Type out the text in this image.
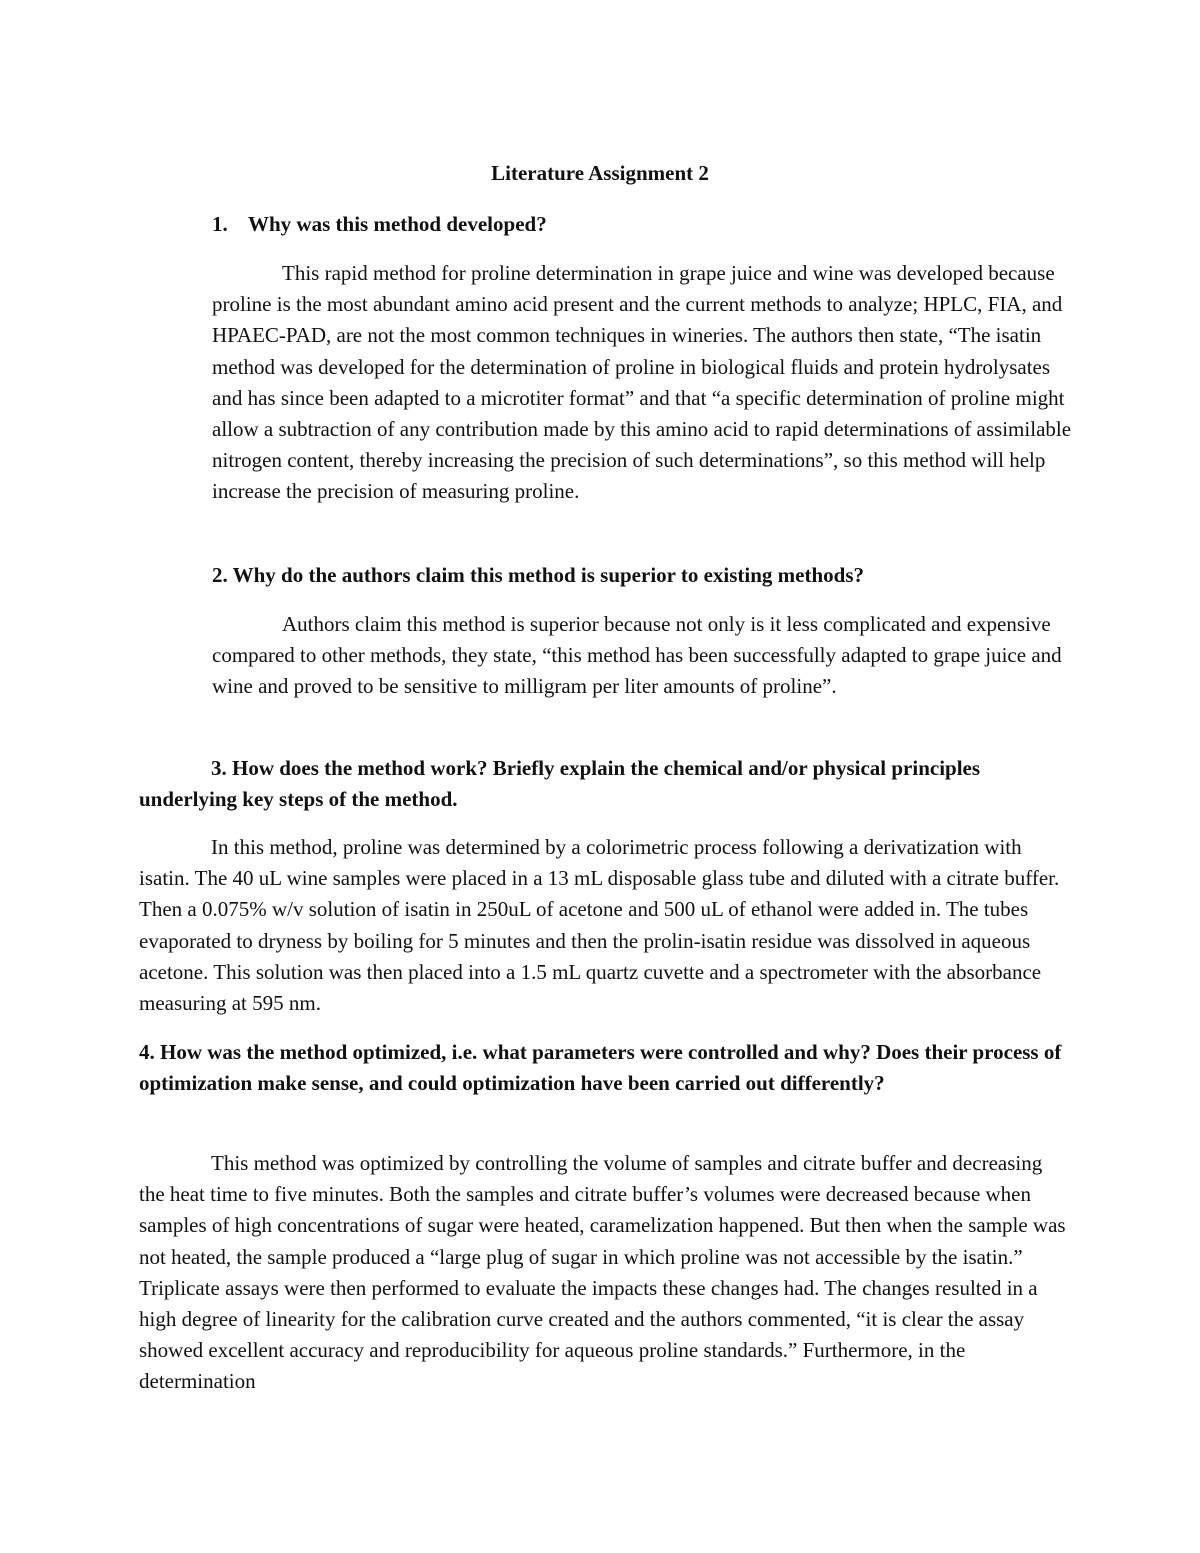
Literature Assignment 2
1. Why was this method developed?

This rapid method for proline determination in grape juice and wine was developed because proline is the most abundant amino acid present and the current methods to analyze; HPLC, FIA, and HPAEC-PAD, are not the most common techniques in wineries. The authors then state, “The isatin method was developed for the determination of proline in biological fluids and protein hydrolysates and has since been adapted to a microtiter format” and that “a specific determination of proline might allow a subtraction of any contribution made by this amino acid to rapid determinations of assimilable nitrogen content, thereby increasing the precision of such determinations”, so this method will help increase the precision of measuring proline.

2. Why do the authors claim this method is superior to existing methods?

Authors claim this method is superior because not only is it less complicated and expensive compared to other methods, they state, “this method has been successfully adapted to grape juice and wine and proved to be sensitive to milligram per liter amounts of proline”.

3. How does the method work? Briefly explain the chemical and/or physical principles underlying key steps of the method.

In this method, proline was determined by a colorimetric process following a derivatization with isatin. The 40 uL wine samples were placed in a 13 mL disposable glass tube and diluted with a citrate buffer. Then a 0.075% w/v solution of isatin in 250uL of acetone and 500 uL of ethanol were added in. The tubes evaporated to dryness by boiling for 5 minutes and then the prolin-isatin residue was dissolved in aqueous acetone. This solution was then placed into a 1.5 mL quartz cuvette and a spectrometer with the absorbance measuring at 595 nm.

4. How was the method optimized, i.e. what parameters were controlled and why? Does their process of optimization make sense, and could optimization have been carried out differently?

This method was optimized by controlling the volume of samples and citrate buffer and decreasing the heat time to five minutes. Both the samples and citrate buffer’s volumes were decreased because when samples of high concentrations of sugar were heated, caramelization happened. But then when the sample was not heated, the sample produced a “large plug of sugar in which proline was not accessible by the isatin.” Triplicate assays were then performed to evaluate the impacts these changes had. The changes resulted in a high degree of linearity for the calibration curve created and the authors commented, “it is clear the assay showed excellent accuracy and reproducibility for aqueous proline standards.” Furthermore, in the determination
